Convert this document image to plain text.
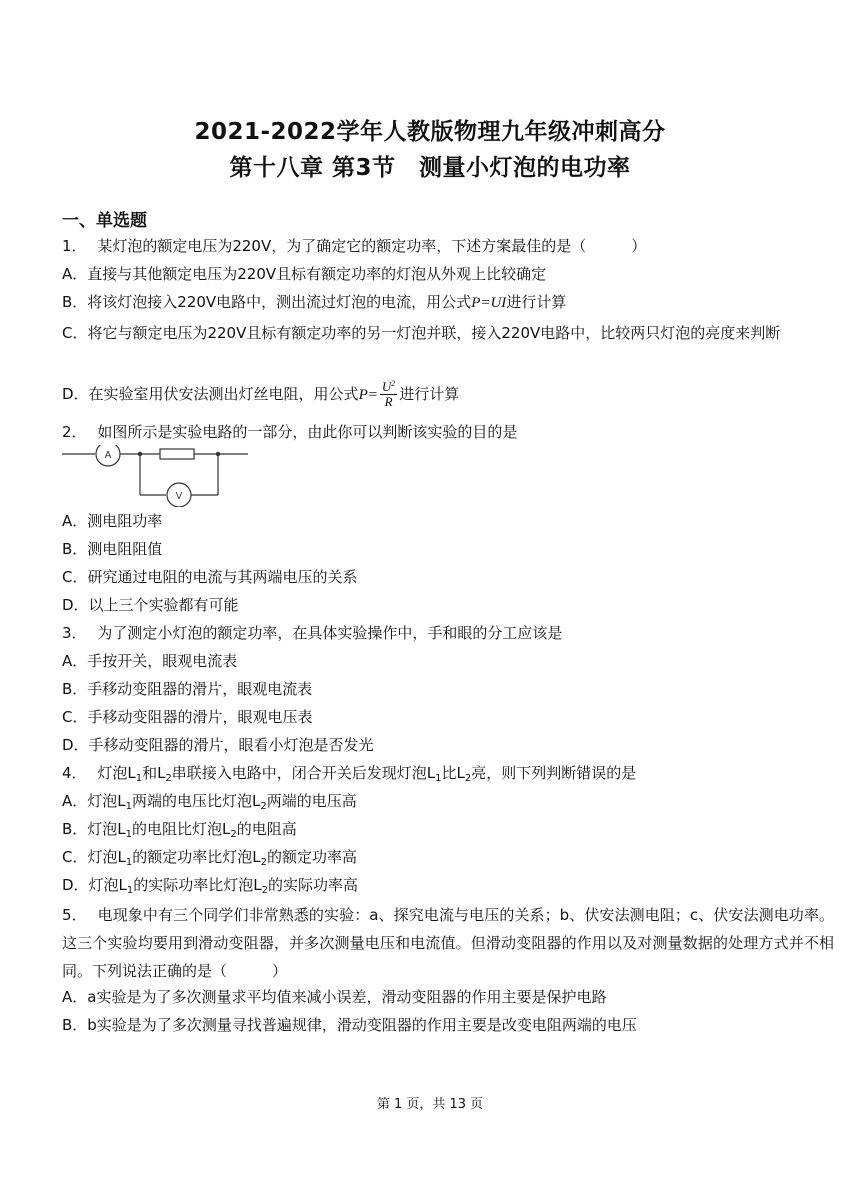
2021-2022学年人教版物理九年级冲刺高分
第十八章 第3节　测量小灯泡的电功率
一、单选题
1． 某灯泡的额定电压为220V，为了确定它的额定功率，下述方案最佳的是（　　　）
A．直接与其他额定电压为220V且标有额定功率的灯泡从外观上比较确定
B．将该灯泡接入220V电路中，测出流过灯泡的电流，用公式P=UI进行计算
C．将它与额定电压为220V且标有额定功率的另一灯泡并联，接入220V电路中，比较两只灯泡的亮度来判断
D．在实验室用伏安法测出灯丝电阻，用公式$P= \frac{U^2}{R}$ 进行计算
2． 如图所示是实验电路的一部分，由此你可以判断该实验的目的是
A
V
A．测电阻功率
B．测电阻阻值
C．研究通过电阻的电流与其两端电压的关系
D．以上三个实验都有可能
3． 为了测定小灯泡的额定功率，在具体实验操作中，手和眼的分工应该是
A．手按开关，眼观电流表
B．手移动变阻器的滑片，眼观电流表
C．手移动变阻器的滑片，眼观电压表
D．手移动变阻器的滑片，眼看小灯泡是否发光
4． 灯泡$L_1$和$L_2$串联接入电路中，闭合开关后发现灯泡$L_1$比$L_2$亮，则下列判断错误的是
A．灯泡$L_1$两端的电压比灯泡$L_2$两端的电压高
B．灯泡$L_1$的电阻比灯泡$L_2$的电阻高
C．灯泡$L_1$的额定功率比灯泡$L_2$的额定功率高
D．灯泡$L_1$的实际功率比灯泡$L_2$的实际功率高
5． 电现象中有三个同学们非常熟悉的实验：a、探究电流与电压的关系；b、伏安法测电阻；c、伏安法测电功率。这三个实验均要用到滑动变阻器，并多次测量电压和电流值。但滑动变阻器的作用以及对测量数据的处理方式并不相同。下列说法正确的是（　　　）
A．a实验是为了多次测量求平均值来减小误差，滑动变阻器的作用主要是保护电路
B．b实验是为了多次测量寻找普遍规律，滑动变阻器的作用主要是改变电阻两端的电压
第 1 页，共 13 页
